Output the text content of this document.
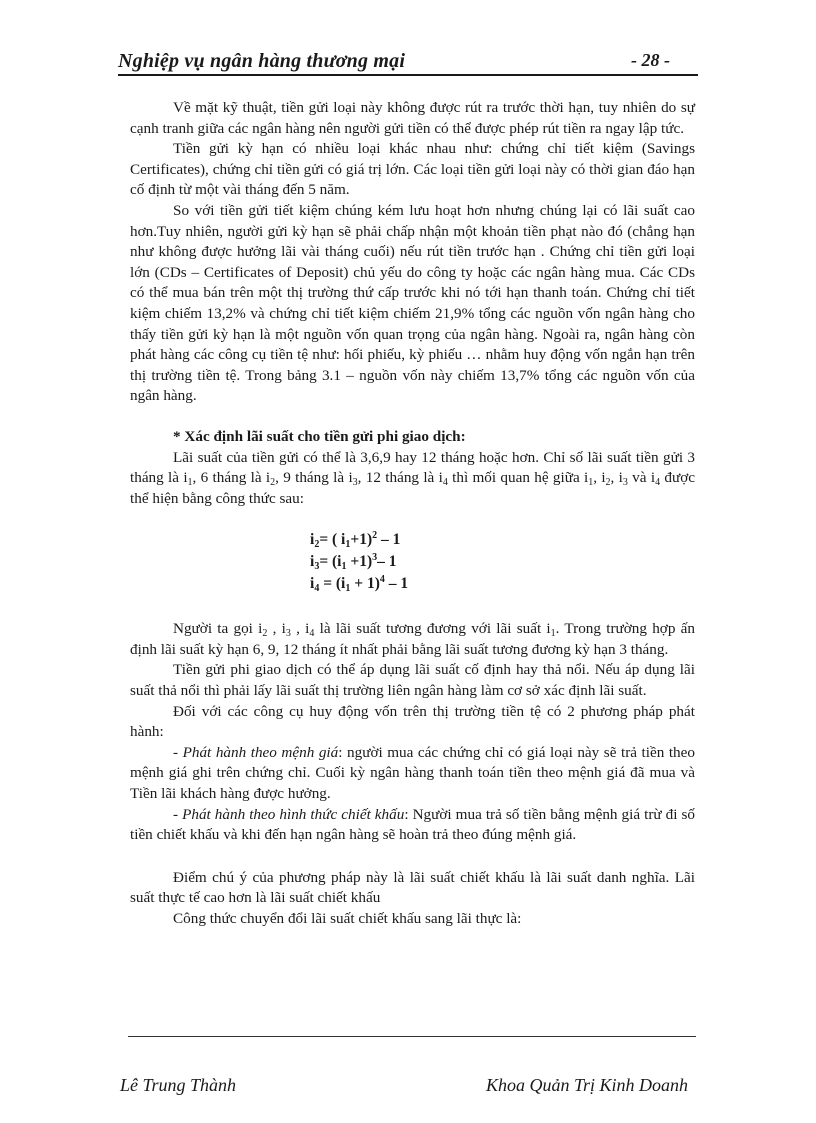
Nghiệp vụ ngân hàng thương mại	- 28 -

Về mặt kỹ thuật, tiền gửi loại này không được rút ra trước thời hạn, tuy nhiên do sự cạnh tranh giữa các ngân hàng nên người gửi tiền có thể được phép rút tiền ra ngay lập tức.

Tiền gửi kỳ hạn có nhiều loại khác nhau như: chứng chỉ tiết kiệm (Savings Certificates), chứng chỉ tiền gửi có giá trị lớn. Các loại tiền gửi loại này có thời gian đáo hạn cố định từ một vài tháng đến 5 năm.

So với tiền gửi tiết kiệm chúng kém lưu hoạt hơn nhưng chúng lại có lãi suất cao hơn.Tuy nhiên, người gửi kỳ hạn sẽ phải chấp nhận một khoản tiền phạt nào đó (chẳng hạn như không được hưởng lãi vài tháng cuối) nếu rút tiền trước hạn . Chứng chỉ tiền gửi loại lớn (CDs – Certificates of Deposit) chủ yếu do công ty hoặc các ngân hàng mua. Các CDs có thể mua bán trên một thị trường thứ cấp trước khi nó tới hạn thanh toán. Chứng chỉ tiết kiệm chiếm 13,2% và chứng chỉ tiết kiệm chiếm 21,9% tổng các nguồn vốn ngân hàng cho thấy tiền gửi kỳ hạn là một nguồn vốn quan trọng của ngân hàng. Ngoài ra, ngân hàng còn phát hàng các công cụ tiền tệ như: hối phiếu, kỳ phiếu … nhằm huy động vốn ngắn hạn trên thị trường tiền tệ. Trong bảng 3.1 – nguồn vốn này chiếm 13,7% tổng các nguồn vốn của ngân hàng.

* Xác định lãi suất cho tiền gửi phi giao dịch:

Lãi suất của tiền gửi có thể là 3,6,9 hay 12 tháng hoặc hơn. Chỉ số lãi suất tiền gửi 3 tháng là $i_1$, 6 tháng là $i_2$, 9 tháng là $i_3$, 12 tháng là $i_4$ thì mối quan hệ giữa $i_1$, $i_2$, $i_3$ và $i_4$ được thể hiện bằng công thức sau:

$i_2=$ ( $i_1+1)^2 - 1$
$i_3= (i_1 +1)^3-$ 1
$i_4 = (i_1 + 1)^4 - 1$

Người ta gọi $i_2$ , $i_3$ , $i_4$ là lãi suất tương đương với lãi suất $i_1$. Trong trường hợp ấn định lãi suất kỳ hạn 6, 9, 12 tháng ít nhất phải bằng lãi suất tương đương kỳ hạn 3 tháng.

Tiền gửi phi giao dịch có thể áp dụng lãi suất cố định hay thả nổi. Nếu áp dụng lãi suất thả nổi thì phải lấy lãi suất thị trường liên ngân hàng làm cơ sở xác định lãi suất.

Đối với các công cụ huy động vốn trên thị trường tiền tệ có 2 phương pháp phát hành:

- Phát hành theo mệnh giá: người mua các chứng chỉ có giá loại này sẽ trả tiền theo mệnh giá ghi trên chứng chỉ. Cuối kỳ ngân hàng thanh toán tiền theo mệnh giá đã mua và Tiền lãi khách hàng được hưởng.

- Phát hành theo hình thức chiết khấu: Người mua trả số tiền bằng mệnh giá trừ đi số tiền chiết khấu và khi đến hạn ngân hàng sẽ hoàn trả theo đúng mệnh giá.

Điểm chú ý của phương pháp này là lãi suất chiết khấu là lãi suất danh nghĩa. Lãi suất thực tế cao hơn là lãi suất chiết khấu

Công thức chuyển đổi lãi suất chiết khấu sang lãi thực là:

Lê Trung Thành	Khoa Quản Trị Kinh Doanh
